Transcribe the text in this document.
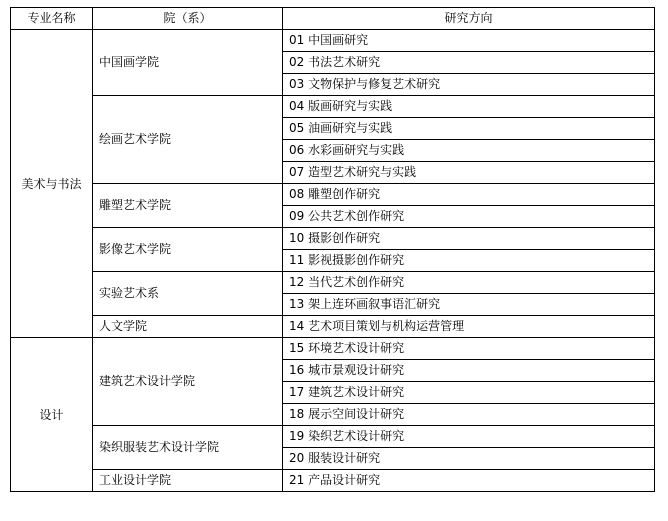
专业名称	院（系）	研究方向
美术与书法	中国画学院	01 中国画研究
		02 书法艺术研究
		03 文物保护与修复艺术研究
	绘画艺术学院	04 版画研究与实践
		05 油画研究与实践
		06 水彩画研究与实践
		07 造型艺术研究与实践
	雕塑艺术学院	08 雕塑创作研究
		09 公共艺术创作研究
	影像艺术学院	10 摄影创作研究
		11 影视摄影创作研究
	实验艺术系	12 当代艺术创作研究
		13 架上连环画叙事语汇研究
	人文学院	14 艺术项目策划与机构运营管理
设计	建筑艺术设计学院	15 环境艺术设计研究
		16 城市景观设计研究
		17 建筑艺术设计研究
		18 展示空间设计研究
	染织服装艺术设计学院	19 染织艺术设计研究
		20 服装设计研究
	工业设计学院	21 产品设计研究
